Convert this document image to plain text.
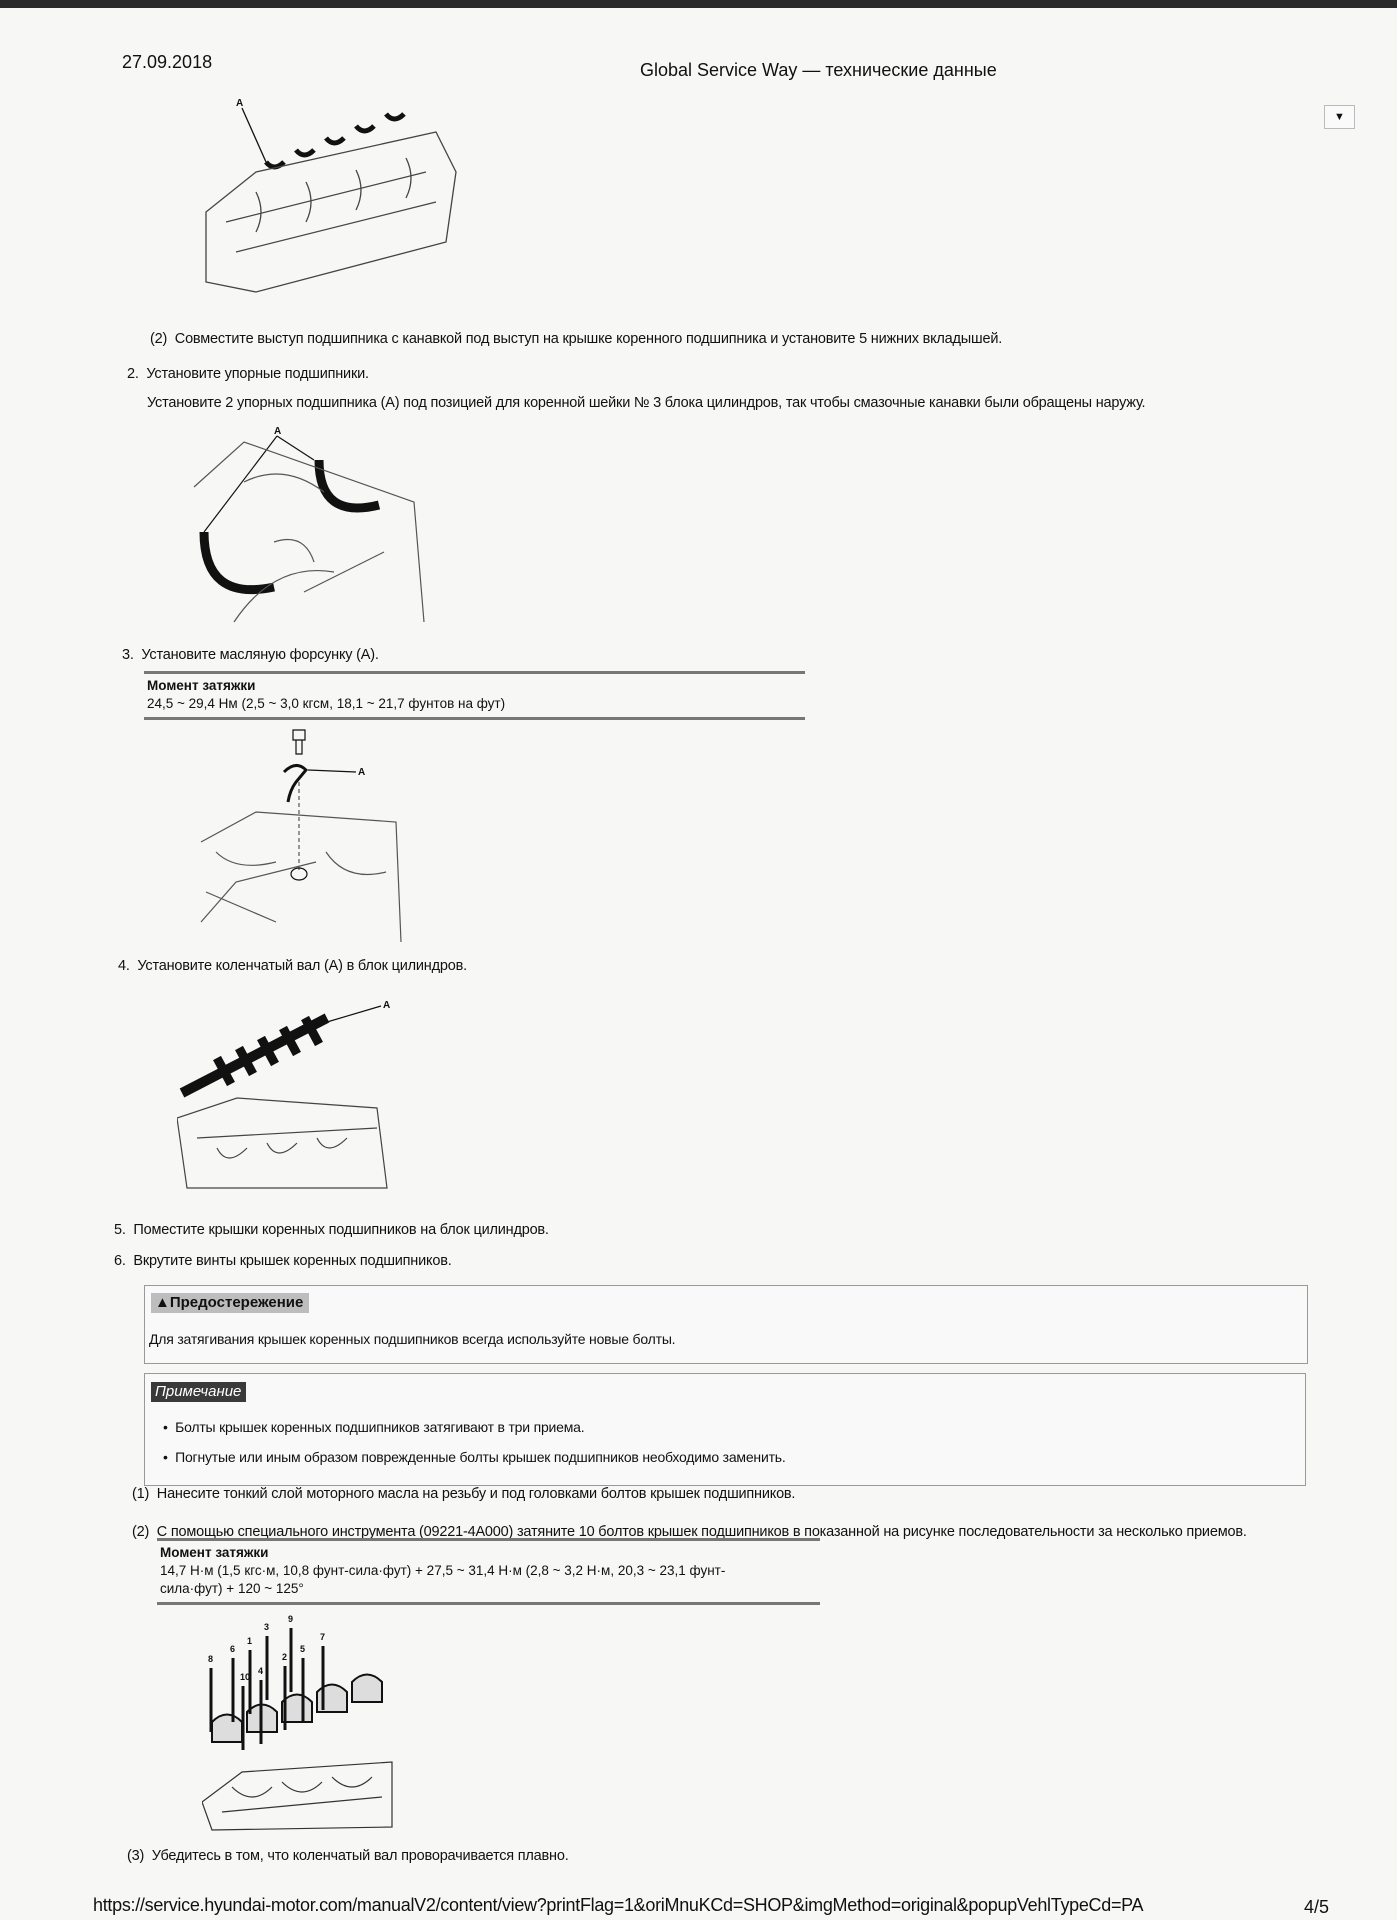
27.09.2018	Global Service Way — технические данные
▼
A
(2) Совместите выступ подшипника с канавкой под выступ на крышке коренного подшипника и установите 5 нижних вкладышей.
2. Установите упорные подшипники.
Установите 2 упорных подшипника (A) под позицией для коренной шейки № 3 блока цилиндров, так чтобы смазочные канавки были обращены наружу.
A
3. Установите масляную форсунку (A).
Момент затяжки
24,5 ~ 29,4 Нм (2,5 ~ 3,0 кгсм, 18,1 ~ 21,7 фунтов на фут)
A
4. Установите коленчатый вал (A) в блок цилиндров.
A
5. Поместите крышки коренных подшипников на блок цилиндров.
6. Вкрутите винты крышек коренных подшипников.
▲Предостережение
Для затягивания крышек коренных подшипников всегда используйте новые болты.
Примечание
•  Болты крышек коренных подшипников затягивают в три приема.
•  Погнутые или иным образом поврежденные болты крышек подшипников необходимо заменить.
(1) Нанесите тонкий слой моторного масла на резьбу и под головками болтов крышек подшипников.
(2) С помощью специального инструмента (09221-4A000) затяните 10 болтов крышек подшипников в показанной на рисунке последовательности за несколько приемов.
Момент затяжки
14,7 Н·м (1,5 кгс·м, 10,8 фунт-сила·фут) + 27,5 ~ 31,4 Н·м (2,8 ~ 3,2 Н·м, 20,3 ~ 23,1 фунт-
сила·фут) + 120 ~ 125°
1
2
3
4
5
6
7
8
9
10
(3) Убедитесь в том, что коленчатый вал проворачивается плавно.
https://service.hyundai-motor.com/manualV2/content/view?printFlag=1&oriMnuKCd=SHOP&imgMethod=original&popupVehlTypeCd=PA	4/5
